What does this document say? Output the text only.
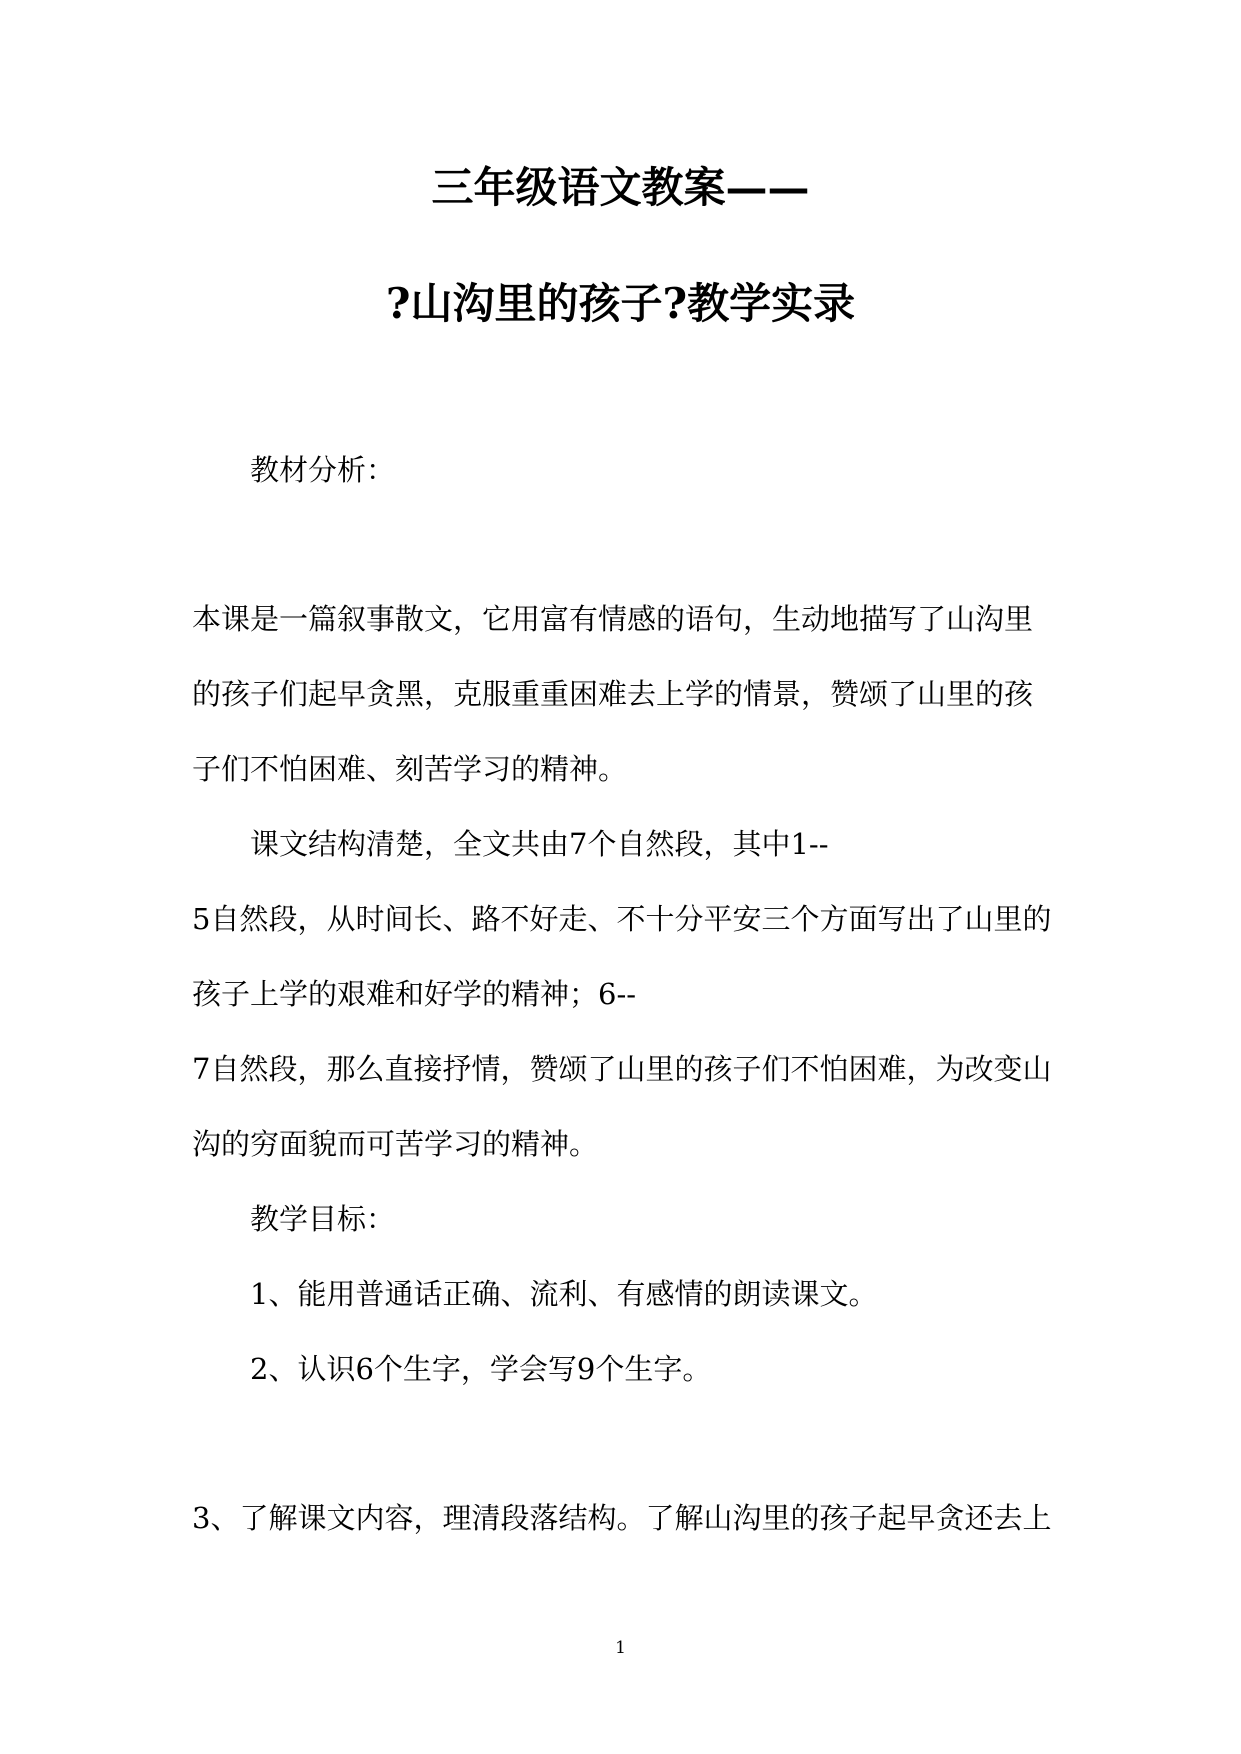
三年级语文教案——
?山沟里的孩子?教学实录
教材分析：
本课是一篇叙事散文，它用富有情感的语句，生动地描写了山沟里
的孩子们起早贪黑，克服重重困难去上学的情景，赞颂了山里的孩
子们不怕困难、刻苦学习的精神。
课文结构清楚，全文共由7个自然段，其中1--
5自然段，从时间长、路不好走、不十分平安三个方面写出了山里的
孩子上学的艰难和好学的精神；6--
7自然段，那么直接抒情，赞颂了山里的孩子们不怕困难，为改变山
沟的穷面貌而可苦学习的精神。
教学目标：
1、能用普通话正确、流利、有感情的朗读课文。
2、认识6个生字，学会写9个生字。
3、了解课文内容，理清段落结构。了解山沟里的孩子起早贪还去上
1
